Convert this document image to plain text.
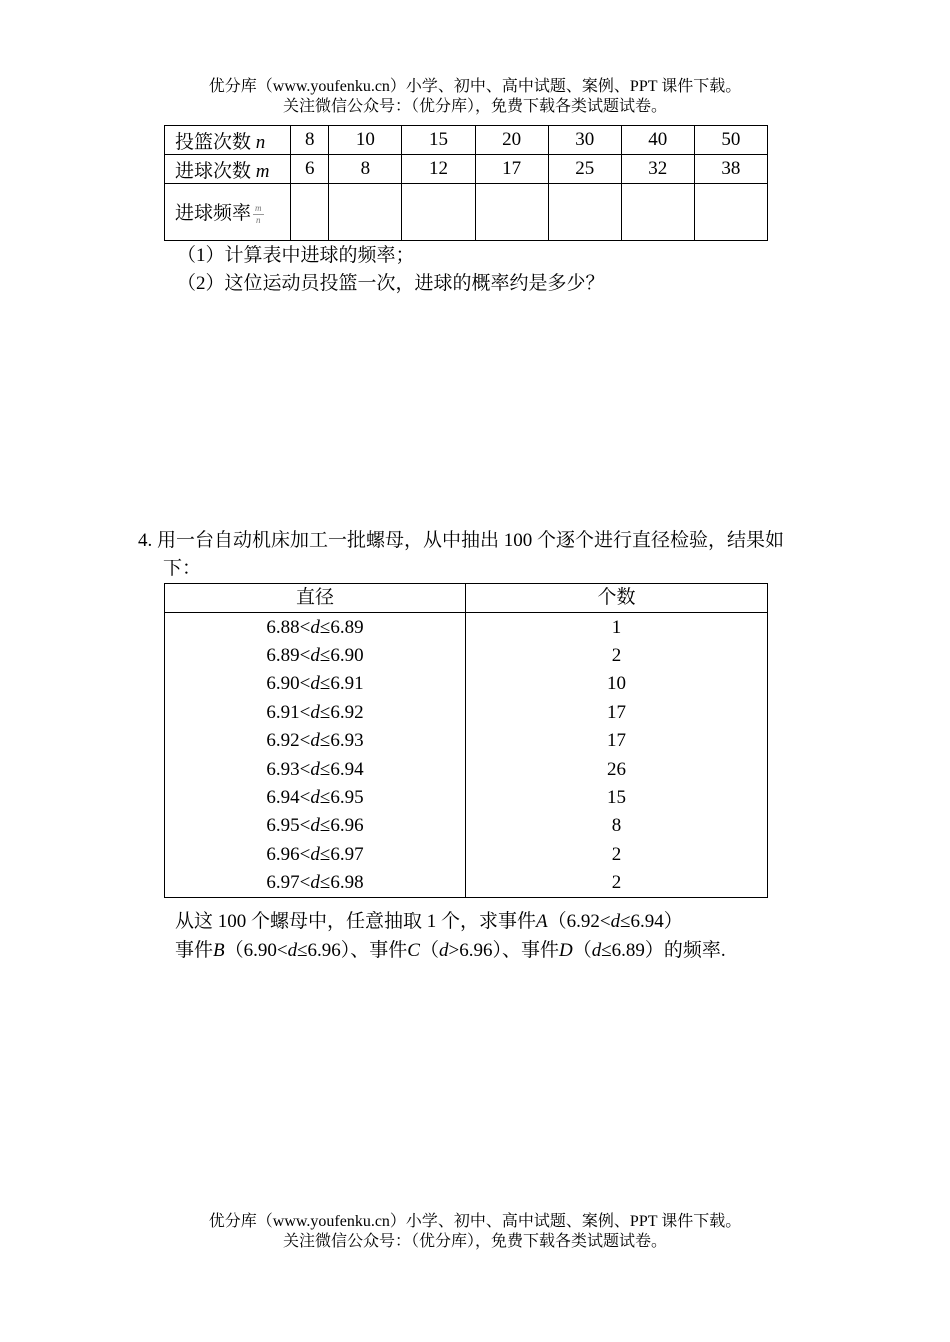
优分库（www.youfenku.cn）小学、初中、高中试题、案例、PPT 课件下载。
关注微信公众号：（优分库），免费下载各类试题试卷。
投篮次数 n	8	10	15	20	30	40	50
进球次数 m	6	8	12	17	25	32	38
进球频率 $\frac{m}{n}$

（1）计算表中进球的频率；
（2）这位运动员投篮一次，进球的概率约是多少？
4. 用一台自动机床加工一批螺母，从中抽出 100 个逐个进行直径检验，结果如
下：
直径	个数
6.88<d≤6.89	1
6.89<d≤6.90	2
6.90<d≤6.91	10
6.91<d≤6.92	17
6.92<d≤6.93	17
6.93<d≤6.94	26
6.94<d≤6.95	15
6.95<d≤6.96	8
6.96<d≤6.97	2
6.97<d≤6.98	2
从这 100 个螺母中，任意抽取 1 个，求事件A（6.92<d≤6.94）
事件B（6.90<d≤6.96）、事件C（d>6.96）、事件D（d≤6.89）的频率.
优分库（www.youfenku.cn）小学、初中、高中试题、案例、PPT 课件下载。
关注微信公众号：（优分库），免费下载各类试题试卷。
